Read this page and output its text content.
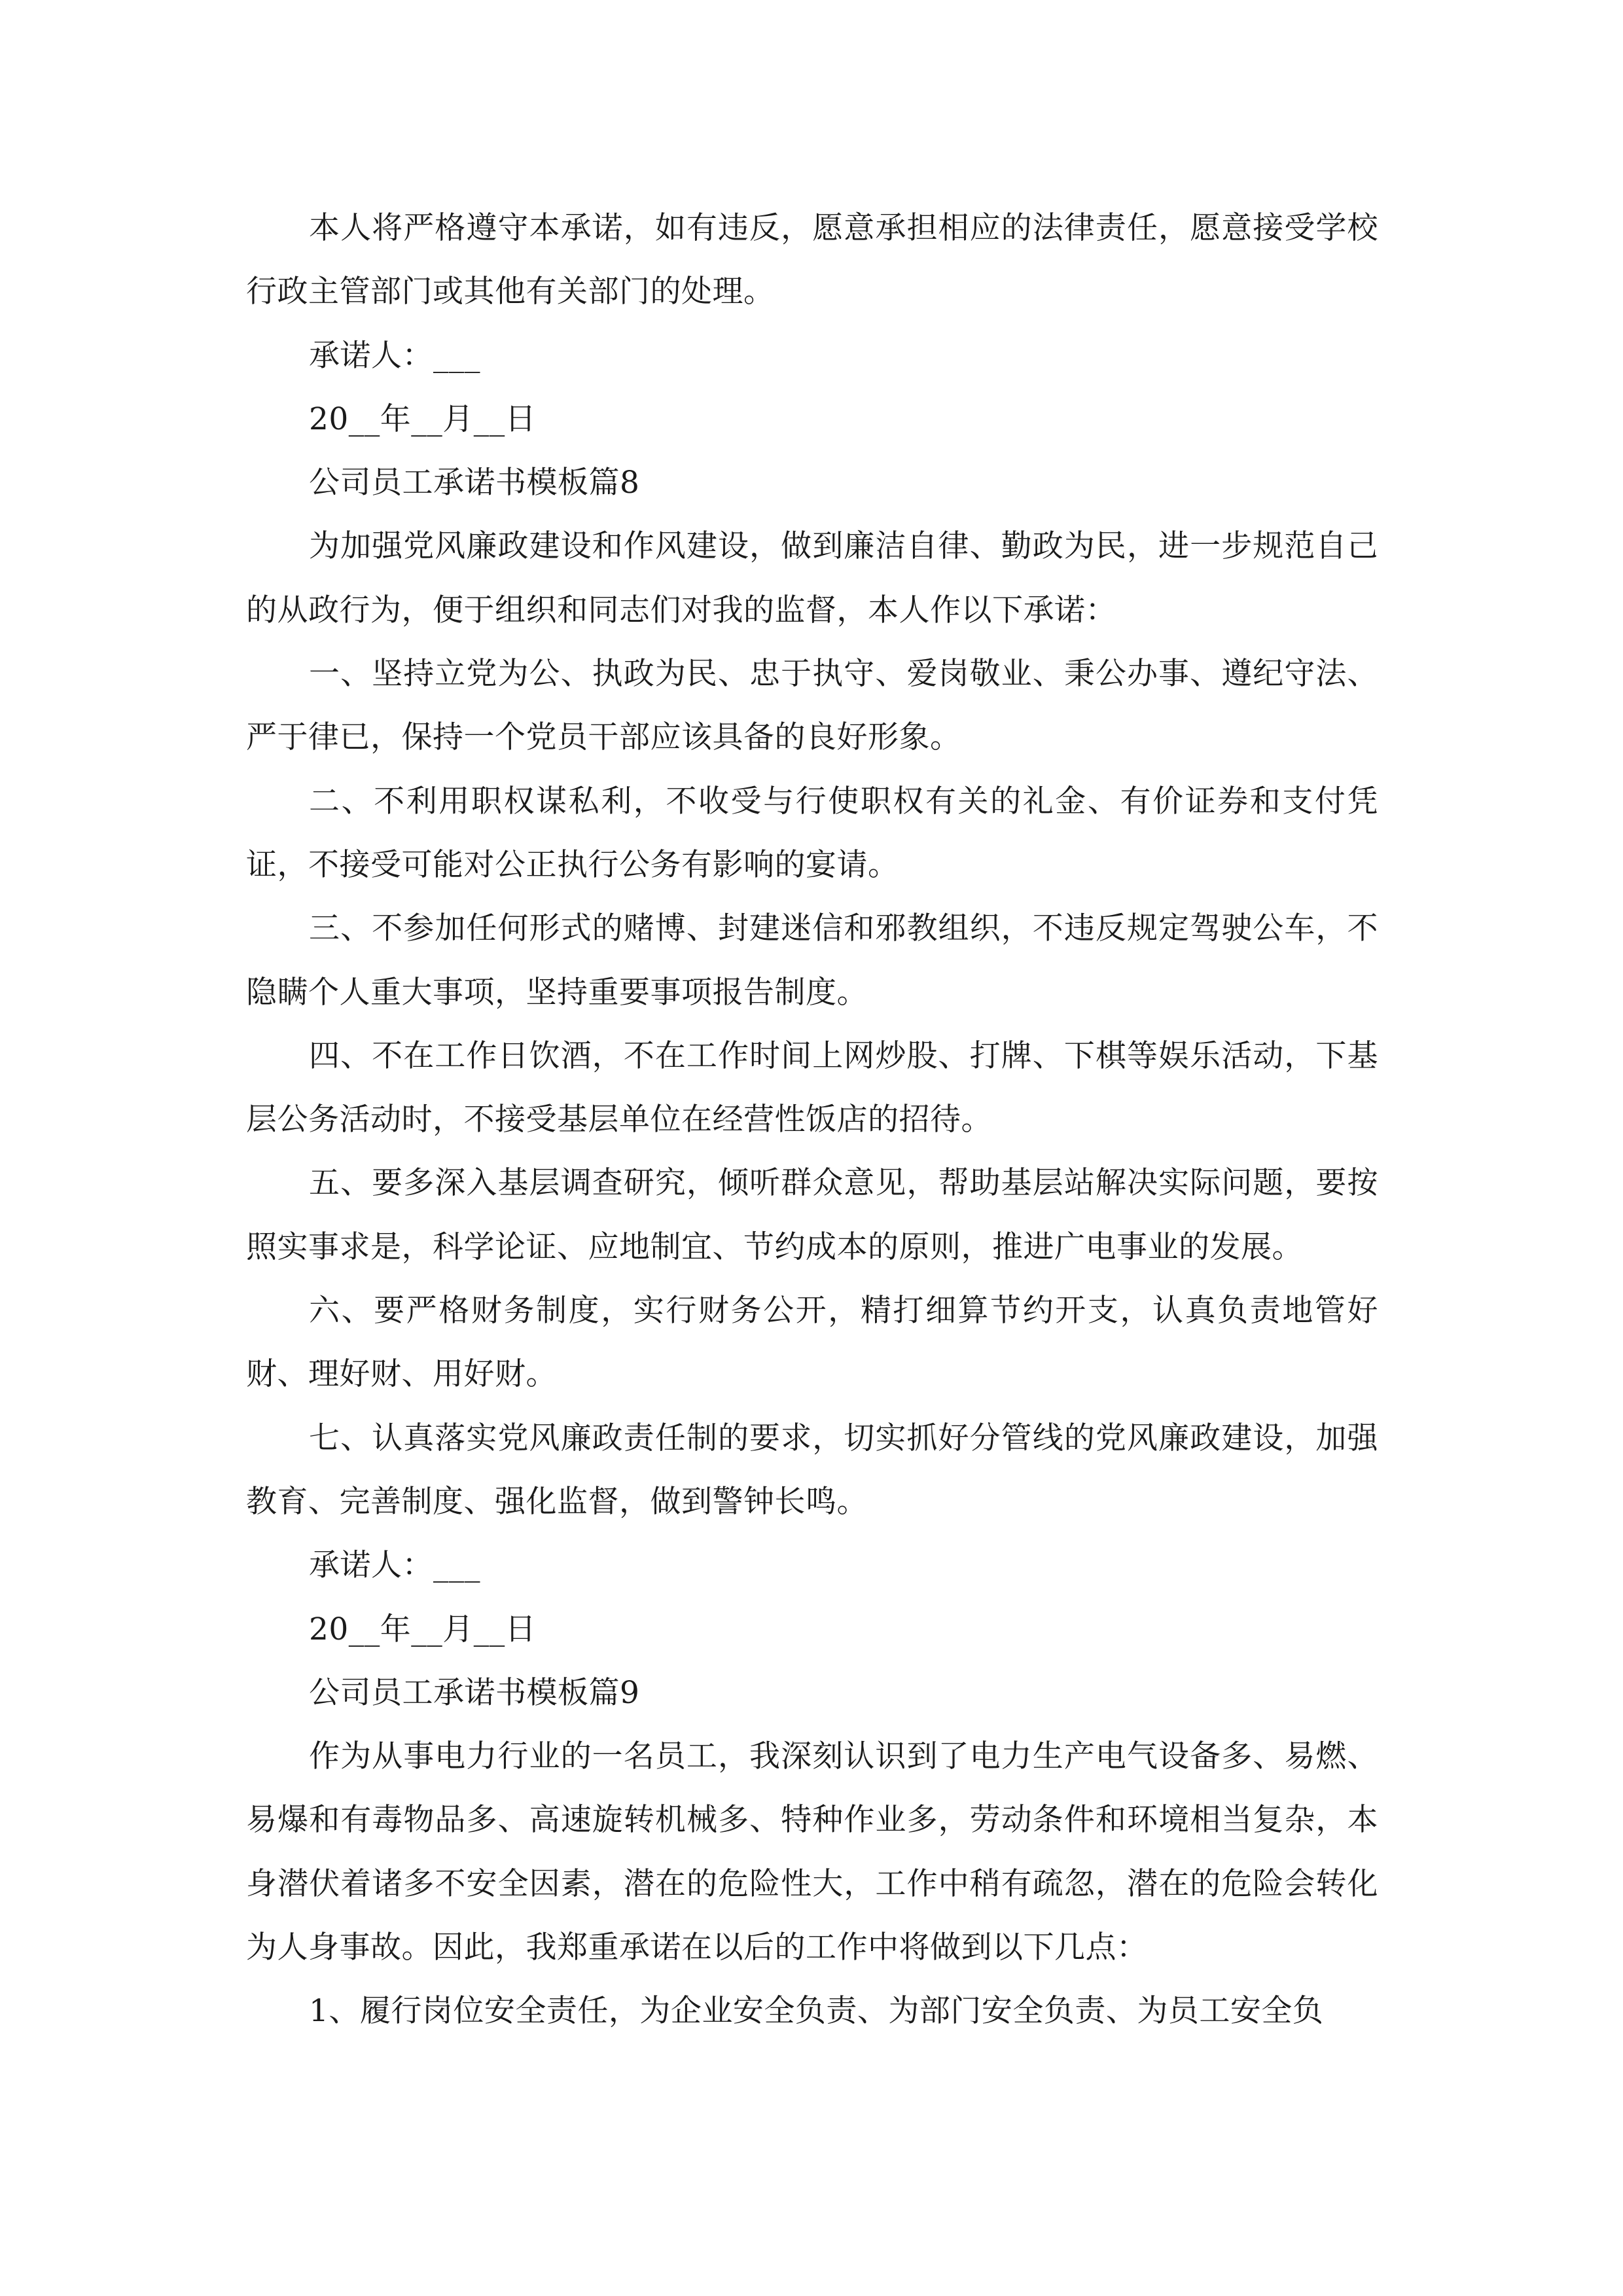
本人将严格遵守本承诺，如有违反，愿意承担相应的法律责任，愿意接受学校行政主管部门或其他有关部门的处理。

承诺人：___

20__年__月__日

公司员工承诺书模板篇8

为加强党风廉政建设和作风建设，做到廉洁自律、勤政为民，进一步规范自己的从政行为，便于组织和同志们对我的监督，本人作以下承诺：

一、坚持立党为公、执政为民、忠于执守、爱岗敬业、秉公办事、遵纪守法、严于律已，保持一个党员干部应该具备的良好形象。

二、不利用职权谋私利，不收受与行使职权有关的礼金、有价证券和支付凭证，不接受可能对公正执行公务有影响的宴请。

三、不参加任何形式的赌博、封建迷信和邪教组织，不违反规定驾驶公车，不隐瞒个人重大事项，坚持重要事项报告制度。

四、不在工作日饮酒，不在工作时间上网炒股、打牌、下棋等娱乐活动，下基层公务活动时，不接受基层单位在经营性饭店的招待。

五、要多深入基层调查研究，倾听群众意见，帮助基层站解决实际问题，要按照实事求是，科学论证、应地制宜、节约成本的原则，推进广电事业的发展。

六、要严格财务制度，实行财务公开，精打细算节约开支，认真负责地管好财、理好财、用好财。

七、认真落实党风廉政责任制的要求，切实抓好分管线的党风廉政建设，加强教育、完善制度、强化监督，做到警钟长鸣。

承诺人：___

20__年__月__日

公司员工承诺书模板篇9

作为从事电力行业的一名员工，我深刻认识到了电力生产电气设备多、易燃、易爆和有毒物品多、高速旋转机械多、特种作业多，劳动条件和环境相当复杂，本身潜伏着诸多不安全因素，潜在的危险性大，工作中稍有疏忽，潜在的危险会转化为人身事故。因此，我郑重承诺在以后的工作中将做到以下几点：

1、履行岗位安全责任，为企业安全负责、为部门安全负责、为员工安全负
